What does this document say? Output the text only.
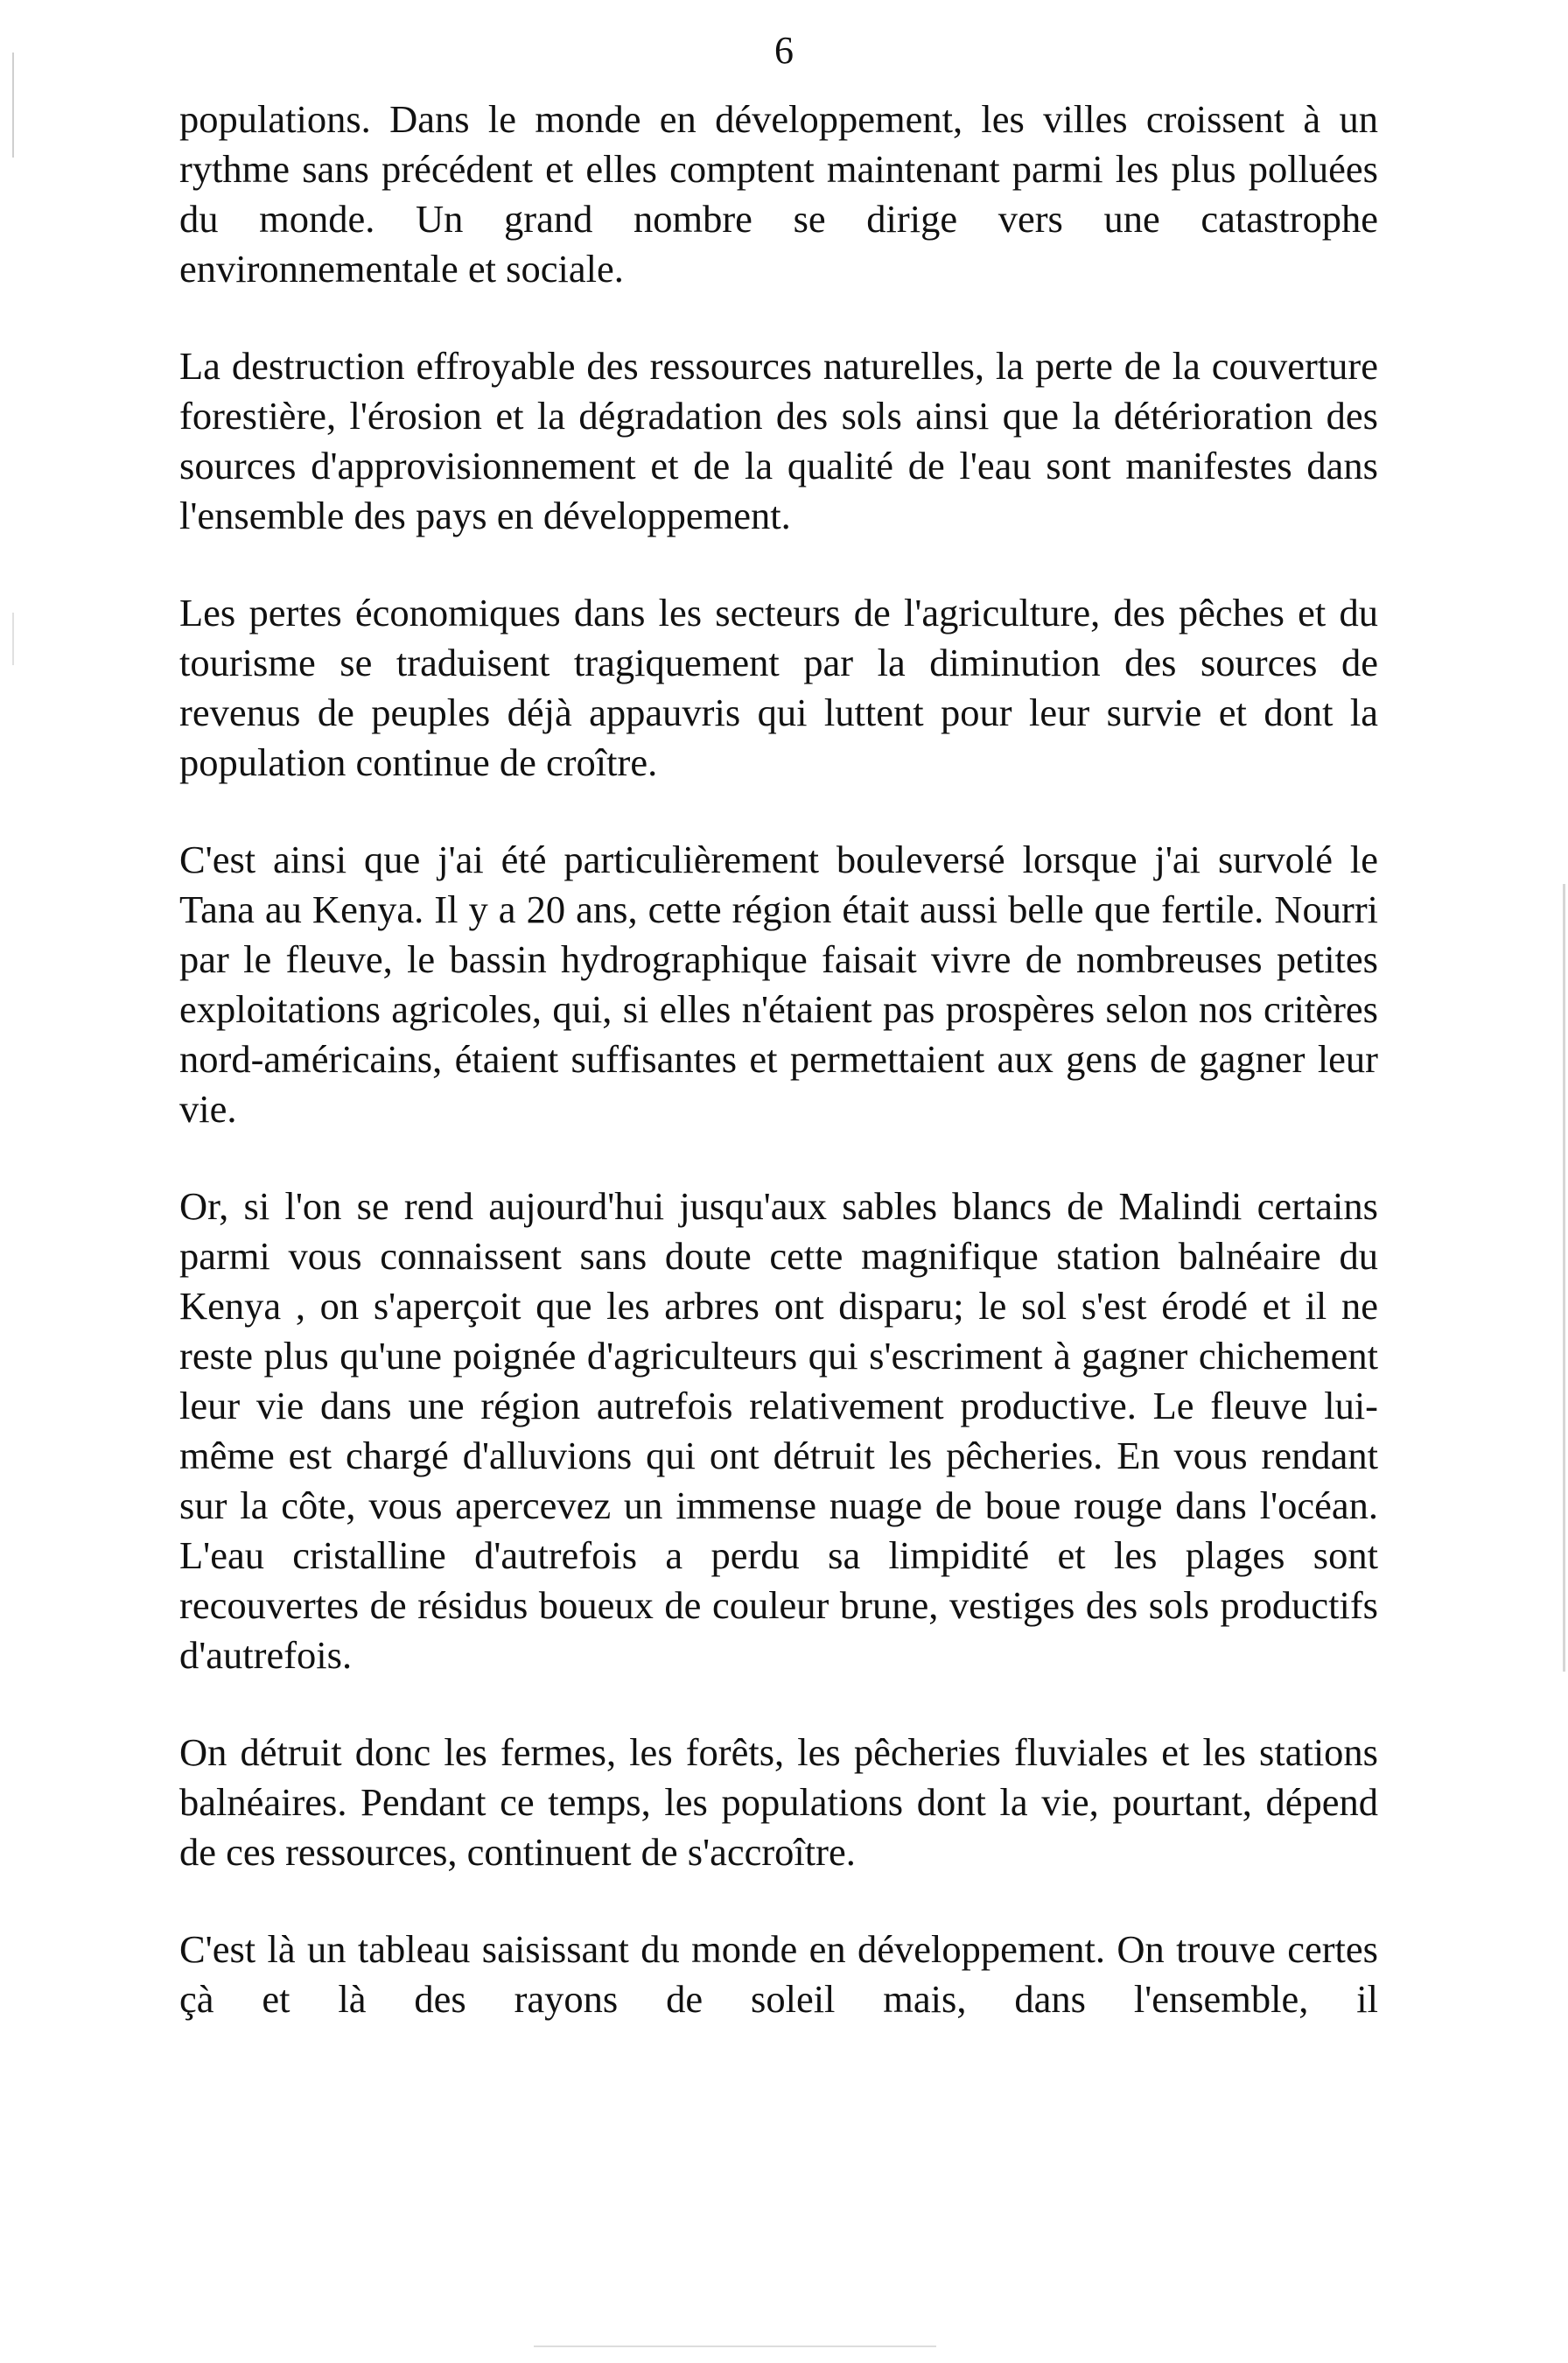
6

populations. Dans le monde en développement, les villes croissent à un rythme sans précédent et elles comptent maintenant parmi les plus polluées du monde. Un grand nombre se dirige vers une catastrophe environnementale et sociale.

La destruction effroyable des ressources naturelles, la perte de la couverture forestière, l'érosion et la dégradation des sols ainsi que la détérioration des sources d'approvisionnement et de la qualité de l'eau sont manifestes dans l'ensemble des pays en développement.

Les pertes économiques dans les secteurs de l'agriculture, des pêches et du tourisme se traduisent tragiquement par la diminution des sources de revenus de peuples déjà appauvris qui luttent pour leur survie et dont la population continue de croître.

C'est ainsi que j'ai été particulièrement bouleversé lorsque j'ai survolé le Tana au Kenya. Il y a 20 ans, cette région était aussi belle que fertile. Nourri par le fleuve, le bassin hydrographique faisait vivre de nombreuses petites exploitations agricoles, qui, si elles n'étaient pas prospères selon nos critères nord-américains, étaient suffisantes et permettaient aux gens de gagner leur vie.

Or, si l'on se rend aujourd'hui jusqu'aux sables blancs de Malindi certains parmi vous connaissent sans doute cette magnifique station balnéaire du Kenya , on s'aperçoit que les arbres ont disparu; le sol s'est érodé et il ne reste plus qu'une poignée d'agriculteurs qui s'escriment à gagner chichement leur vie dans une région autrefois relativement productive. Le fleuve lui-même est chargé d'alluvions qui ont détruit les pêcheries. En vous rendant sur la côte, vous apercevez un immense nuage de boue rouge dans l'océan. L'eau cristalline d'autrefois a perdu sa limpidité et les plages sont recouvertes de résidus boueux de couleur brune, vestiges des sols productifs d'autrefois.

On détruit donc les fermes, les forêts, les pêcheries fluviales et les stations balnéaires. Pendant ce temps, les populations dont la vie, pourtant, dépend de ces ressources, continuent de s'accroître.

C'est là un tableau saisissant du monde en développement. On trouve certes çà et là des rayons de soleil mais, dans l'ensemble, il
